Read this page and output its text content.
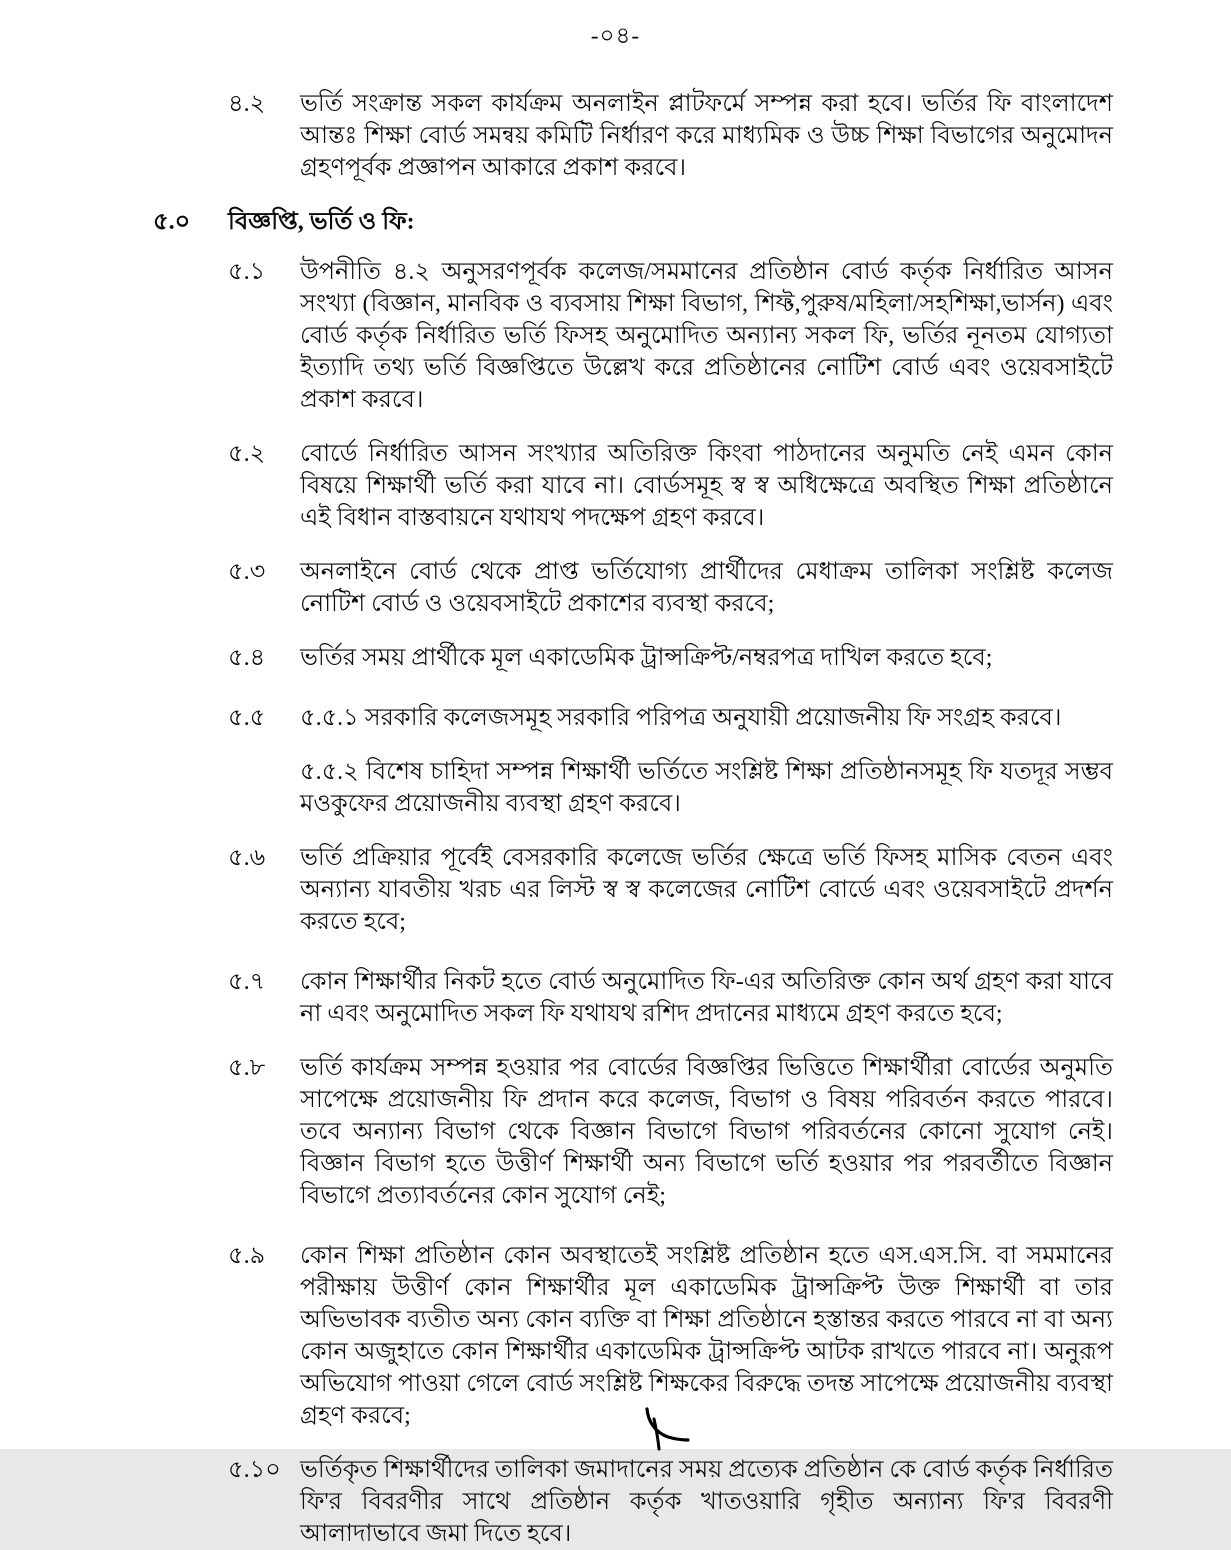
-০৪-
৪.২	ভর্তি সংক্রান্ত সকল কার্যক্রম অনলাইন প্লাটফর্মে সম্পন্ন করা হবে। ভর্তির ফি বাংলাদেশ আন্তঃ শিক্ষা বোর্ড সমন্বয় কমিটি নির্ধারণ করে মাধ্যমিক ও উচ্চ শিক্ষা বিভাগের অনুমোদন গ্রহণপূর্বক প্রজ্ঞাপন আকারে প্রকাশ করবে।
৫.০	বিজ্ঞপ্তি, ভর্তি ও ফি:
৫.১	উপনীতি ৪.২ অনুসরণপূর্বক কলেজ/সমমানের প্রতিষ্ঠান বোর্ড কর্তৃক নির্ধারিত আসন সংখ্যা (বিজ্ঞান, মানবিক ও ব্যবসায় শিক্ষা বিভাগ, শিফ্ট,পুরুষ/মহিলা/সহশিক্ষা,ভার্সন) এবং বোর্ড কর্তৃক নির্ধারিত ভর্তি ফিসহ অনুমোদিত অন্যান্য সকল ফি, ভর্তির নূনতম যোগ্যতা ইত্যাদি তথ্য ভর্তি বিজ্ঞপ্তিতে উল্লেখ করে প্রতিষ্ঠানের নোটিশ বোর্ড এবং ওয়েবসাইটে প্রকাশ করবে।
৫.২	বোর্ডে নির্ধারিত আসন সংখ্যার অতিরিক্ত কিংবা পাঠদানের অনুমতি নেই এমন কোন বিষয়ে শিক্ষার্থী ভর্তি করা যাবে না। বোর্ডসমূহ স্ব স্ব অধিক্ষেত্রে অবস্থিত শিক্ষা প্রতিষ্ঠানে এই বিধান বাস্তবায়নে যথাযথ পদক্ষেপ গ্রহণ করবে।
৫.৩	অনলাইনে বোর্ড থেকে প্রাপ্ত ভর্তিযোগ্য প্রার্থীদের মেধাক্রম তালিকা সংশ্লিষ্ট কলেজ নোটিশ বোর্ড ও ওয়েবসাইটে প্রকাশের ব্যবস্থা করবে;
৫.৪	ভর্তির সময় প্রার্থীকে মূল একাডেমিক ট্রান্সক্রিপ্ট/নম্বরপত্র দাখিল করতে হবে;
৫.৫	৫.৫.১ সরকারি কলেজসমূহ সরকারি পরিপত্র অনুযায়ী প্রয়োজনীয় ফি সংগ্রহ করবে।
৫.৫.২ বিশেষ চাহিদা সম্পন্ন শিক্ষার্থী ভর্তিতে সংশ্লিষ্ট শিক্ষা প্রতিষ্ঠানসমূহ ফি যতদূর সম্ভব মওকুফের প্রয়োজনীয় ব্যবস্থা গ্রহণ করবে।
৫.৬	ভর্তি প্রক্রিয়ার পূর্বেই বেসরকারি কলেজে ভর্তির ক্ষেত্রে ভর্তি ফিসহ মাসিক বেতন এবং অন্যান্য যাবতীয় খরচ এর লিস্ট স্ব স্ব কলেজের নোটিশ বোর্ডে এবং ওয়েবসাইটে প্রদর্শন করতে হবে;
৫.৭	কোন শিক্ষার্থীর নিকট হতে বোর্ড অনুমোদিত ফি-এর অতিরিক্ত কোন অর্থ গ্রহণ করা যাবে না এবং অনুমোদিত সকল ফি যথাযথ রশিদ প্রদানের মাধ্যমে গ্রহণ করতে হবে;
৫.৮	ভর্তি কার্যক্রম সম্পন্ন হওয়ার পর বোর্ডের বিজ্ঞপ্তির ভিত্তিতে শিক্ষার্থীরা বোর্ডের অনুমতি সাপেক্ষে প্রয়োজনীয় ফি প্রদান করে কলেজ, বিভাগ ও বিষয় পরিবর্তন করতে পারবে। তবে অন্যান্য বিভাগ থেকে বিজ্ঞান বিভাগে বিভাগ পরিবর্তনের কোনো সুযোগ নেই। বিজ্ঞান বিভাগ হতে উত্তীর্ণ শিক্ষার্থী অন্য বিভাগে ভর্তি হওয়ার পর পরবর্তীতে বিজ্ঞান বিভাগে প্রত্যাবর্তনের কোন সুযোগ নেই;
৫.৯	কোন শিক্ষা প্রতিষ্ঠান কোন অবস্থাতেই সংশ্লিষ্ট প্রতিষ্ঠান হতে এস.এস.সি. বা সমমানের পরীক্ষায় উত্তীর্ণ কোন শিক্ষার্থীর মূল একাডেমিক ট্রান্সক্রিপ্ট উক্ত শিক্ষার্থী বা তার অভিভাবক ব্যতীত অন্য কোন ব্যক্তি বা শিক্ষা প্রতিষ্ঠানে হস্তান্তর করতে পারবে না বা অন্য কোন অজুহাতে কোন শিক্ষার্থীর একাডেমিক ট্রান্সক্রিপ্ট আটক রাখতে পারবে না। অনুরূপ অভিযোগ পাওয়া গেলে বোর্ড সংশ্লিষ্ট শিক্ষকের বিরুদ্ধে তদন্ত সাপেক্ষে প্রয়োজনীয় ব্যবস্থা গ্রহণ করবে;
৫.১০ ভর্তিকৃত শিক্ষার্থীদের তালিকা জমাদানের সময় প্রত্যেক প্রতিষ্ঠান কে বোর্ড কর্তৃক নির্ধারিত ফি'র বিবরণীর সাথে প্রতিষ্ঠান কর্তৃক খাতওয়ারি গৃহীত অন্যান্য ফি'র বিবরণী আলাদাভাবে জমা দিতে হবে।
